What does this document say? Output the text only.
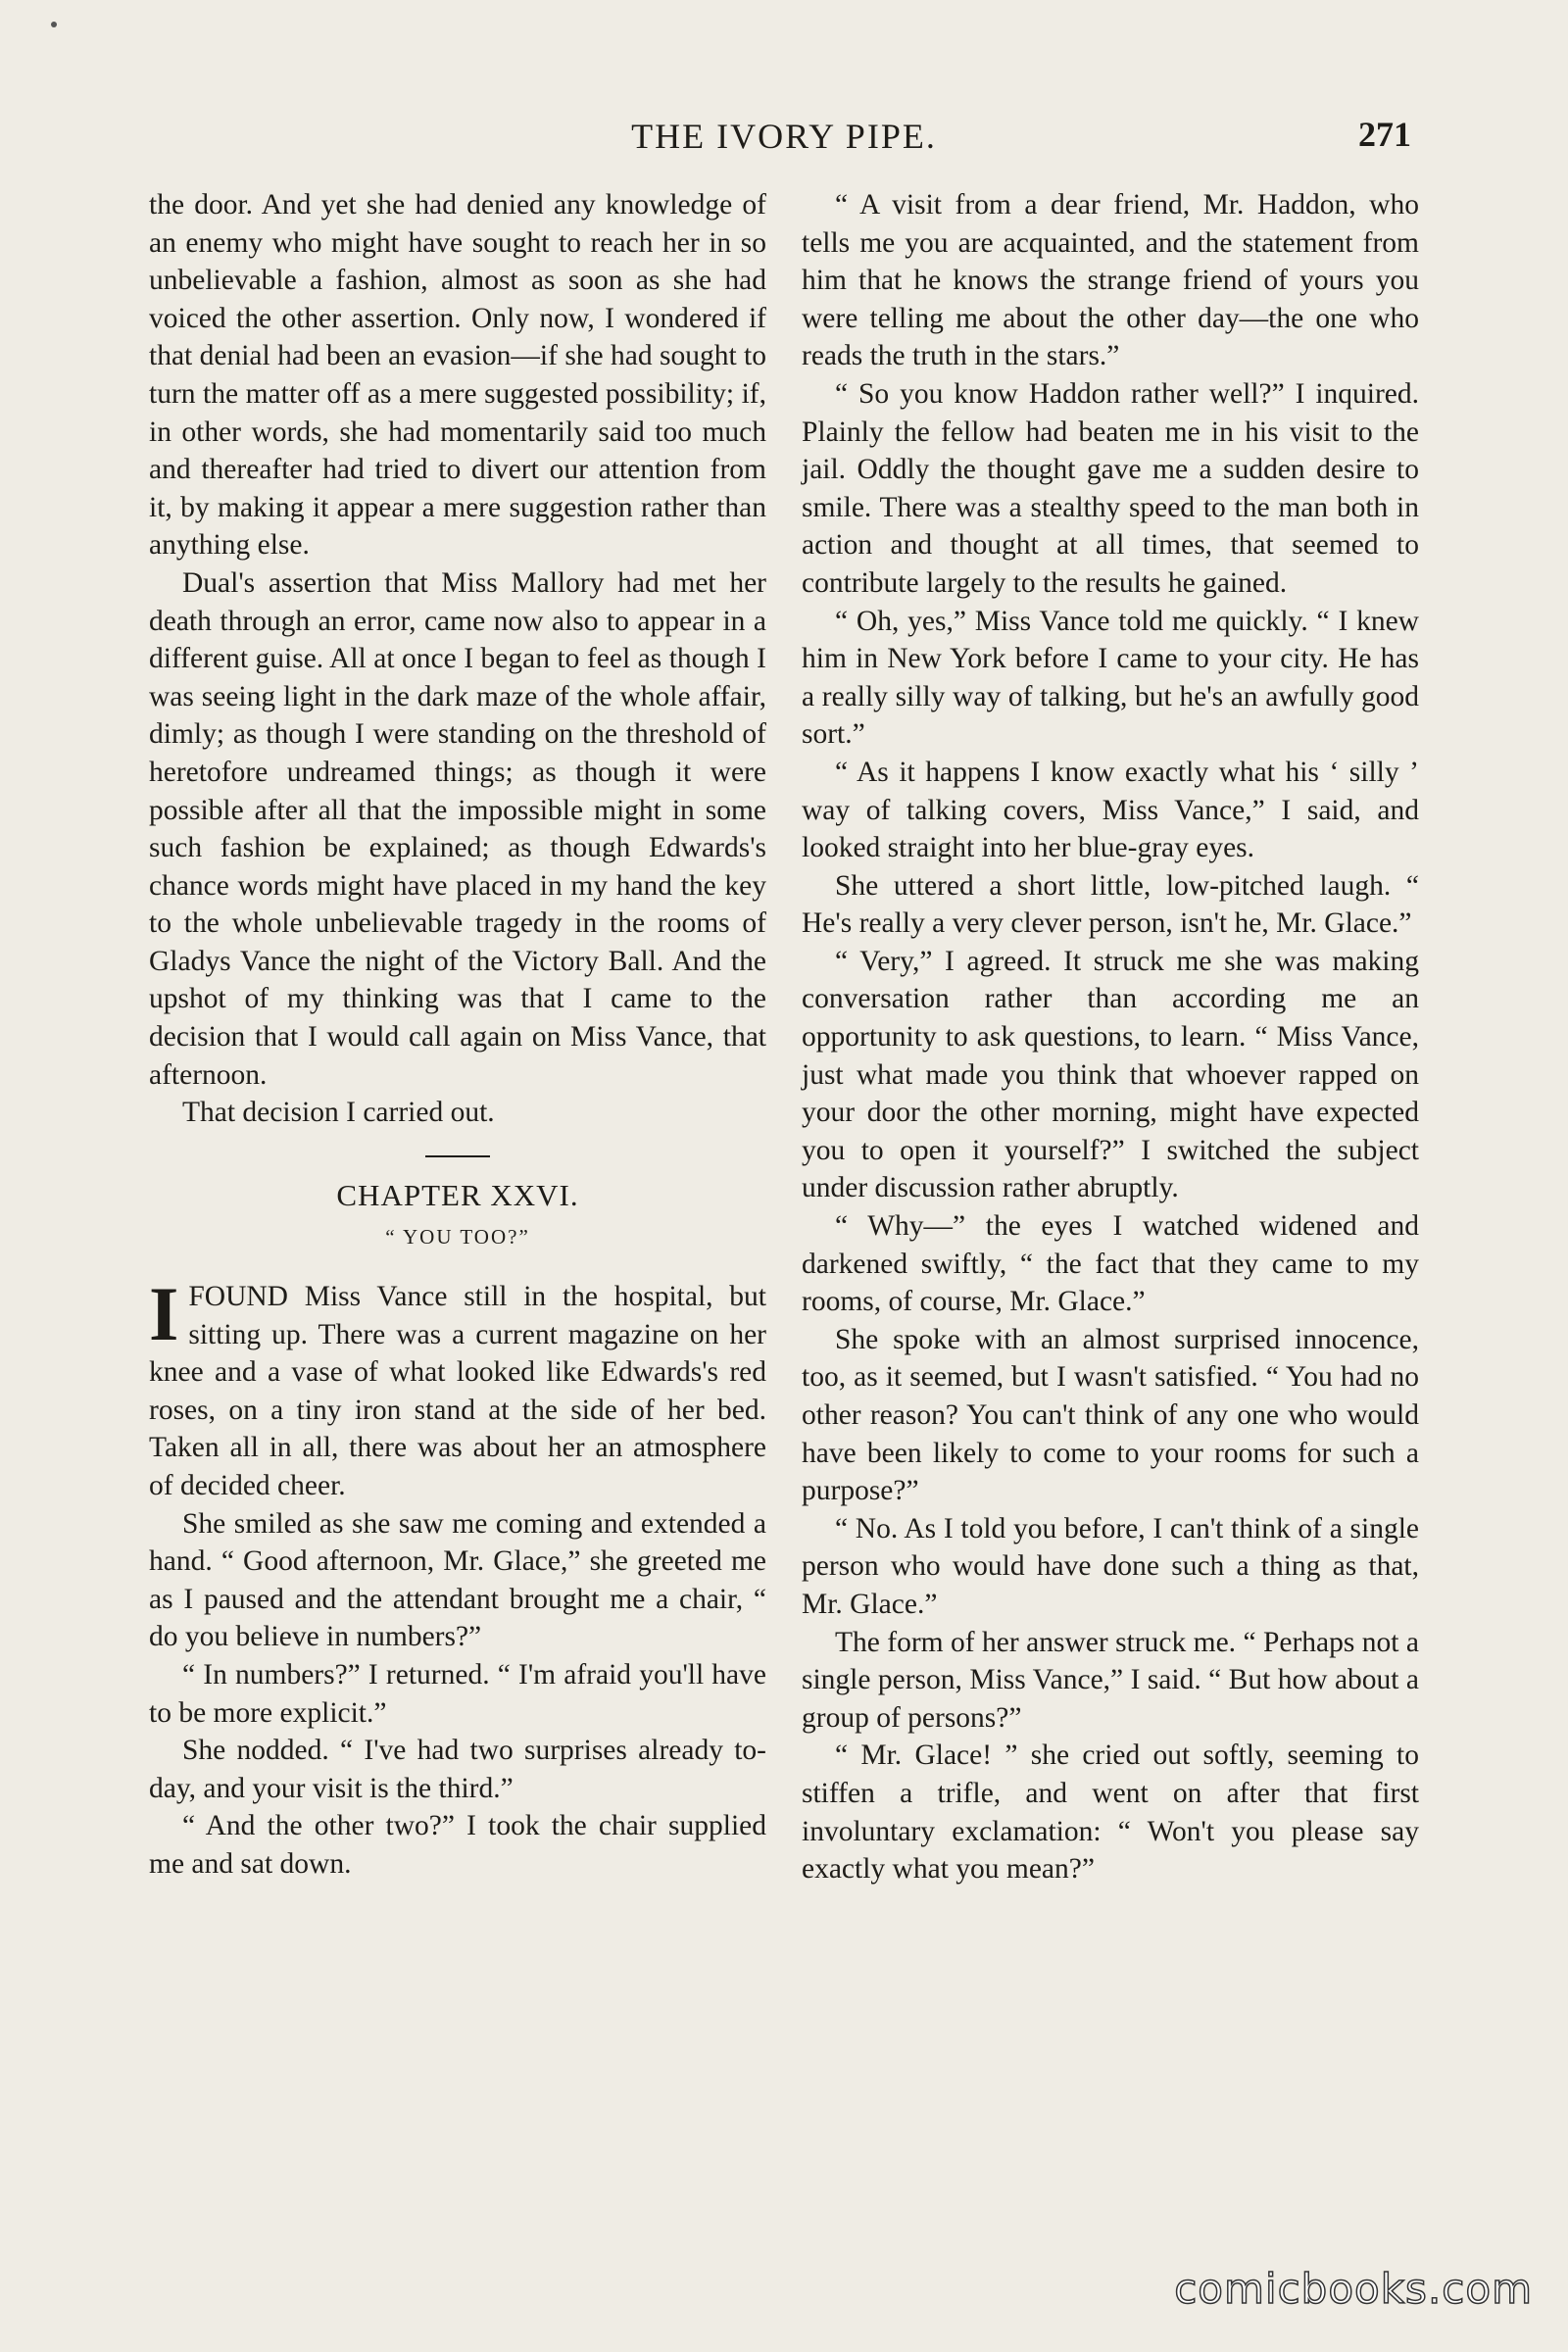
THE IVORY PIPE.	271

the door. And yet she had denied any knowledge of an enemy who might have sought to reach her in so unbelievable a fashion, almost as soon as she had voiced the other assertion. Only now, I wondered if that denial had been an evasion—if she had sought to turn the matter off as a mere suggested possibility; if, in other words, she had momentarily said too much and thereafter had tried to divert our attention from it, by making it appear a mere suggestion rather than anything else.

Dual's assertion that Miss Mallory had met her death through an error, came now also to appear in a different guise. All at once I began to feel as though I was seeing light in the dark maze of the whole affair, dimly; as though I were standing on the threshold of heretofore undreamed things; as though it were possible after all that the impossible might in some such fashion be explained; as though Edwards's chance words might have placed in my hand the key to the whole unbelievable tragedy in the rooms of Gladys Vance the night of the Victory Ball. And the upshot of my thinking was that I came to the decision that I would call again on Miss Vance, that afternoon.

That decision I carried out.

CHAPTER XXVI.
“ YOU TOO?”

IFOUND Miss Vance still in the hospital, but sitting up. There was a current magazine on her knee and a vase of what looked like Edwards's red roses, on a tiny iron stand at the side of her bed. Taken all in all, there was about her an atmosphere of decided cheer.

She smiled as she saw me coming and extended a hand. “ Good afternoon, Mr. Glace,” she greeted me as I paused and the attendant brought me a chair, “ do you believe in numbers?”

“ In numbers?” I returned. “ I'm afraid you'll have to be more explicit.”

She nodded. “ I've had two surprises already to-day, and your visit is the third.”

“ And the other two?” I took the chair supplied me and sat down.

“ A visit from a dear friend, Mr. Haddon, who tells me you are acquainted, and the statement from him that he knows the strange friend of yours you were telling me about the other day—the one who reads the truth in the stars.”

“ So you know Haddon rather well?” I inquired. Plainly the fellow had beaten me in his visit to the jail. Oddly the thought gave me a sudden desire to smile. There was a stealthy speed to the man both in action and thought at all times, that seemed to contribute largely to the results he gained.

“ Oh, yes,” Miss Vance told me quickly. “ I knew him in New York before I came to your city. He has a really silly way of talking, but he's an awfully good sort.”

“ As it happens I know exactly what his ‘ silly ’ way of talking covers, Miss Vance,” I said, and looked straight into her blue-gray eyes.

She uttered a short little, low-pitched laugh. “ He's really a very clever person, isn't he, Mr. Glace.”

“ Very,” I agreed. It struck me she was making conversation rather than according me an opportunity to ask questions, to learn. “ Miss Vance, just what made you think that whoever rapped on your door the other morning, might have expected you to open it yourself?” I switched the subject under discussion rather abruptly.

“ Why—” the eyes I watched widened and darkened swiftly, “ the fact that they came to my rooms, of course, Mr. Glace.”

She spoke with an almost surprised innocence, too, as it seemed, but I wasn't satisfied. “ You had no other reason? You can't think of any one who would have been likely to come to your rooms for such a purpose?”

“ No. As I told you before, I can't think of a single person who would have done such a thing as that, Mr. Glace.”

The form of her answer struck me. “ Perhaps not a single person, Miss Vance,” I said. “ But how about a group of persons?”

“ Mr. Glace! ” she cried out softly, seeming to stiffen a trifle, and went on after that first involuntary exclamation: “ Won't you please say exactly what you mean?”

comicbooks.com
